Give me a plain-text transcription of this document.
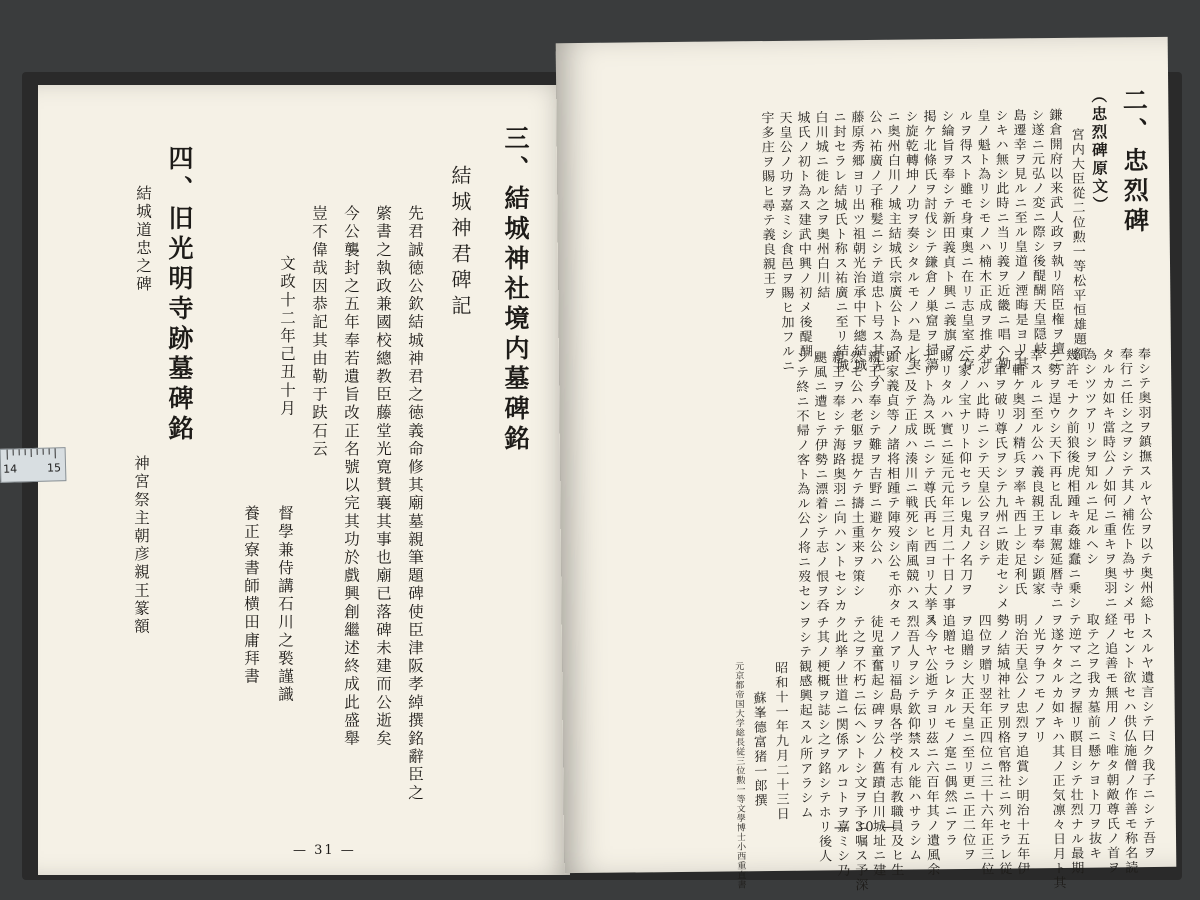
三、結城神社境内墓碑銘
結城神君碑記
先君誠徳公欽結城神君之徳義命修其廟墓親筆題碑使臣津阪孝綽撰銘辭臣之
綮書之執政兼國校總教臣藤堂光寛賛襄其事也廟已落碑未建而公逝矣
今公襲封之五年奉若遺旨改正名號以完其功於戲興創繼述終成此盛舉
豈不偉哉因恭記其由勒于趺石云
文政十二年己丑十月
督學兼侍講石川之褧謹識
養正寮書師横田庸拜書
四、旧光明寺跡墓碑銘
結城道忠之碑
神宮祭主朝彦親王篆額
— 31 —
二、忠烈碑
（忠烈碑原文）
宮内大臣從二位勲一等松平恒雄題額
鎌倉開府以来武人政ヲ執リ陪臣権ヲ壇ニ
シ遂ニ元弘ノ変ニ際シ後醍醐天皇隠岐
島遷幸ヲ見ルニ至ル皇道ノ湮晦是ヨリ甚
シキハ無シ此時ニ当リ義ヲ近畿ニ唱ヘ勤
皇ノ魁ト為リシモノハ楠木正成ヲ推サザ
ルヲ得スト雖モ身東奥ニ在リ志皇室ニ存
シ綸旨ヲ奉シテ新田義貞ト興ニ義旗ヲ
掲ケ北條氏ヲ討伐シテ鎌倉ノ巣窟ヲ掃蕩
シ旋乾轉坤ノ功ヲ奏シタルモノハ是レ実
ニ奥州白川ノ城主結城氏宗廣公ト為ス
公ハ祐廣ノ子稚髪ニシテ道忠ト号ス其先ハ
藤原秀郷ヨリ出ツ祖朝光治承中下總結城
ニ封セラレ結城氏ト称ス祐廣ニ至リ結城
白川城ニ徙ル之ヲ奥州白川結
城氏ノ初ト為ス建武中興ノ初メ後醍醐
天皇公ノ功ヲ嘉ミシ食邑ヲ賜ヒ加フルニ
宇多庄ヲ賜ヒ尋テ義良親王ヲ
奉シテ奥羽ヲ鎮撫スルヤ公ヲ以テ奥州総
奉行ニ任シ之ヲシテ其ノ補佐ト為サシメ
タルカ如キ當時公ノ如何ニ重キヲ奥羽ニ
為シツツアリシヲ知ルニ足ルヘシ
幾許モナク前狼後虎相踵キ姦雄蠢ニ乗シ
テ勢ヲ逞ウシ天下再ヒ乱レ車駕延暦寺ニ
幸スルニ至ル公ハ義良親王ヲ奉シ顕家
ヲ輔ケ奥羽ノ精兵ヲ率キ西上シ足利氏
ノ軍ヲ破リ尊氏ヲシテ九州ニ敗走セシメ
タルハ此時ニシテ天皇公ヲ召シテ
公家ノ宝ナリト仰セラレ鬼丸ノ名刀ヲ
賜リタルハ實ニ延元元年三月二十日ノ事
ナリト為ス既ニシテ尊氏再ヒ西ヨリ大挙ス
ルニ及テ正成ハ湊川ニ戦死シ南風競ハス
顕家義貞等ノ諸将相踵テ陣歿シ公モ亦タ
親王ヲ奉シテ難ヲ吉野ニ避ケ公ハ
然モ公ハ老躯ヲ提ケテ擣土重来ヲ策シ
親王ヲ奉シテ海路奥羽ニ向ハントセシカ
颶風ニ遭ヒテ伊勢ニ漂着シテ志ノ恨ヲ呑
ンテ終ニ不帰ノ客ト為ル公ノ将ニ歿セン
トスルヤ遺言シテ曰ク我子ニシテ吾ヲ
弔セント欲セハ供仏施僧ノ作善モ称名読
経ノ追善モ無用ノミ唯タ朝敵尊氏ノ首ヲ
取テ之ヲ我カ墓前ニ懸ケヨト刀ヲ抜キ
テ逆マニ之ヲ握リ瞑目シテ壮烈ナル最期
ヲ遂ケタルカ如キハ其ノ正気凛々日月ト其
ノ光ヲ争フモノアリ
明治天皇公ノ忠烈ヲ追賞シ明治十五年伊
勢ノ結城神社ヲ別格官幣社ニ列セラレ従
四位ヲ贈リ翌年正四位ニ三十六年正三位
ヲ追贈シ大正天皇ニ至リ更ニ正二位ヲ
追贈セラレタルモノ寔ニ偶然ニアラ
ス今ヤ公逝テヨリ茲ニ六百年其ノ遺風余
烈吾人ヲシテ欽仰禁スル能ハサラシム
モノアリ福島県各学校有志教職員及ヒ生
徒児童奮起シ碑ヲ公ノ舊蹟白川城址ニ建
テ之ヲ不朽ニ伝ヘントシ文ヲ予ニ嘱ス予深
ク此挙ノ世道ニ関係アルコトヲ嘉ミシ乃
チ其ノ梗概ヲ誌シ之ヲ銘シテホリ後人
ヲシテ観感興起スル所アラシム
昭和十一年九月二十三日
蘇峯德富猪一郎撰
元京都帝国大学総長従三位勲一等文學博士小西重直書	— 30 —
14	15
